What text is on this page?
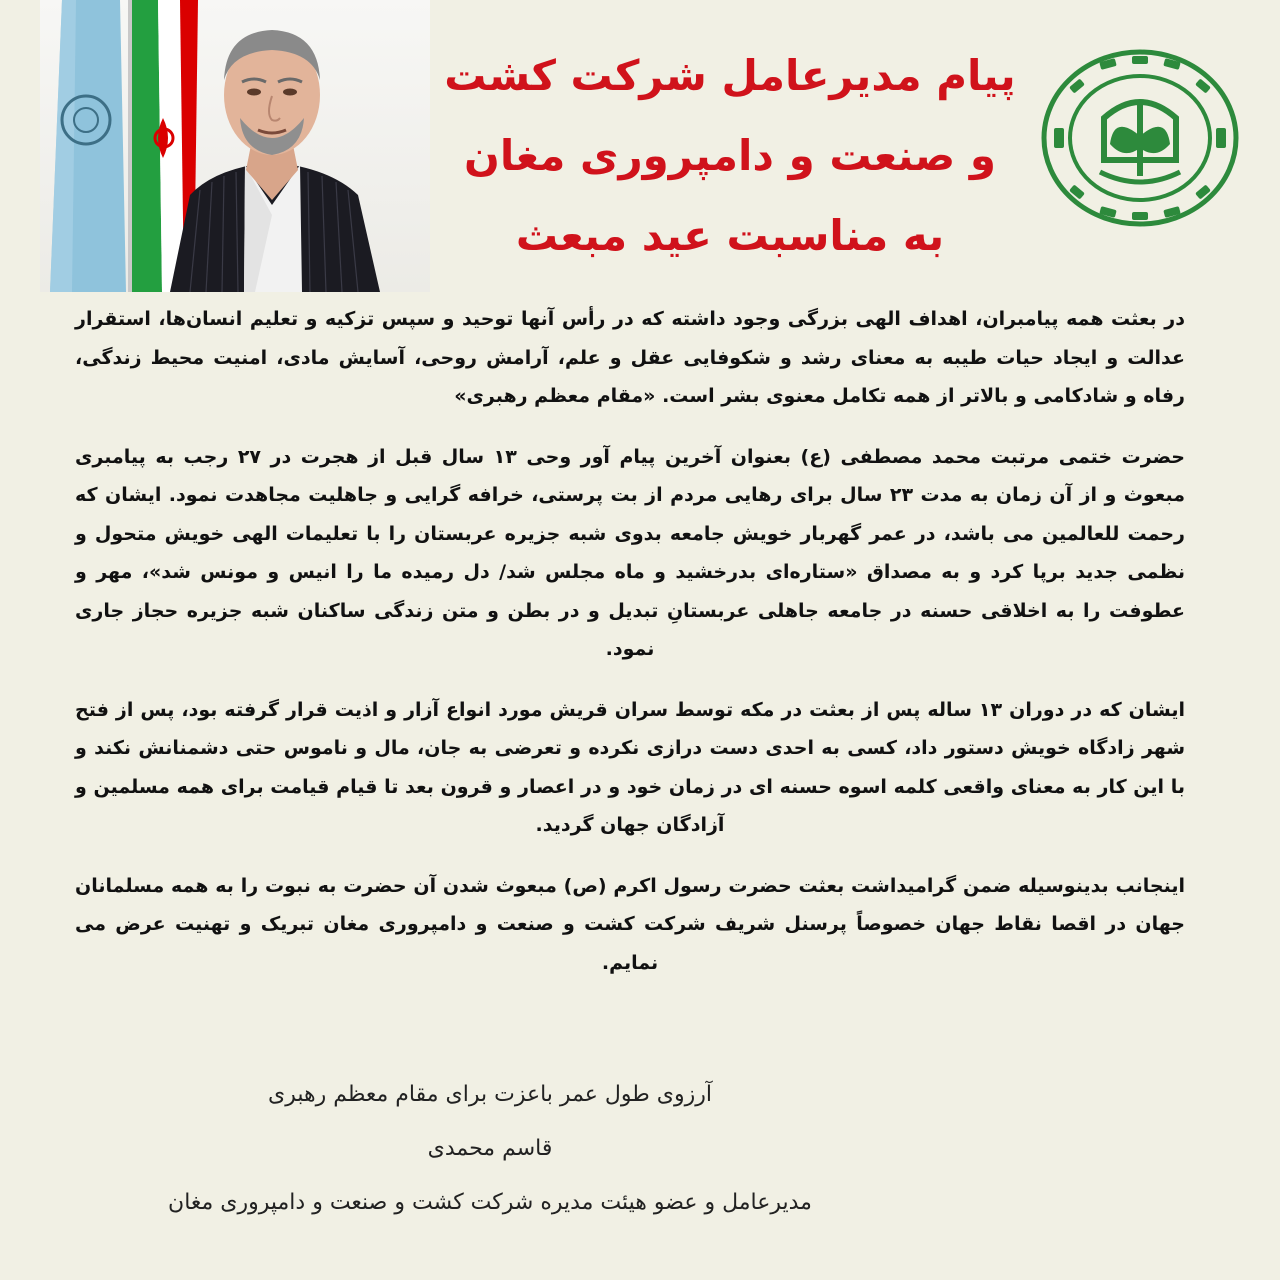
پیام مدیرعامل شرکت کشت
و صنعت و دامپروری مغان
به مناسبت عید مبعث

در بعثت همه پیامبران، اهداف الهی بزرگی وجود داشته که در رأس آنها توحید و سپس تزکیه و تعلیم انسان‌ها، استقرار عدالت و ایجاد حیات طیبه به معنای رشد و شکوفایی عقل و علم، آرامش روحی، آسایش مادی، امنیت محیط زندگی، رفاه و شادکامی و بالاتر از همه تکامل معنوی بشر است. «مقام معظم رهبری»

حضرت ختمی مرتبت محمد مصطفی (ع) بعنوان آخرین پیام آور وحی ۱۳ سال قبل از هجرت در ۲۷ رجب به پیامبری مبعوث و از آن زمان به مدت ۲۳ سال برای رهایی مردم از بت پرستی، خرافه گرایی و جاهلیت مجاهدت نمود. ایشان که رحمت للعالمین می باشد، در عمر گهربار خویش جامعه بدوی شبه جزیره عربستان را با تعلیمات الهی خویش متحول و نظمی جدید برپا کرد و به مصداق «ستاره‌ای بدرخشید و ماه مجلس شد/ دل رمیده ما را انیس و مونس شد»، مهر و عطوفت را به اخلاقی حسنه در جامعه جاهلی عربستانِ تبدیل و در بطن و متن زندگی ساکنان شبه جزیره حجاز جاری نمود.

ایشان که در دوران ۱۳ ساله پس از بعثت در مکه توسط سران قریش مورد انواع آزار و اذیت قرار گرفته بود، پس از فتح شهر زادگاه خویش دستور داد، کسی به احدی دست درازی نکرده و تعرضی به جان، مال و ناموس حتی دشمنانش نکند و با این کار به معنای واقعی کلمه اسوه حسنه ای در زمان خود و در اعصار و قرون بعد تا قیام قیامت برای همه مسلمین و آزادگان جهان گردید.

اینجانب بدینوسیله ضمن گرامیداشت بعثت حضرت رسول اکرم (ص) مبعوث شدن آن حضرت به نبوت را به همه مسلمانان جهان در اقصا نقاط جهان خصوصاً پرسنل شریف شرکت کشت و صنعت و دامپروری مغان تبریک و تهنیت عرض می نمایم.

آرزوی طول عمر باعزت برای مقام معظم رهبری
قاسم محمدی
مدیرعامل و عضو هیئت مدیره شرکت کشت و صنعت و دامپروری مغان
